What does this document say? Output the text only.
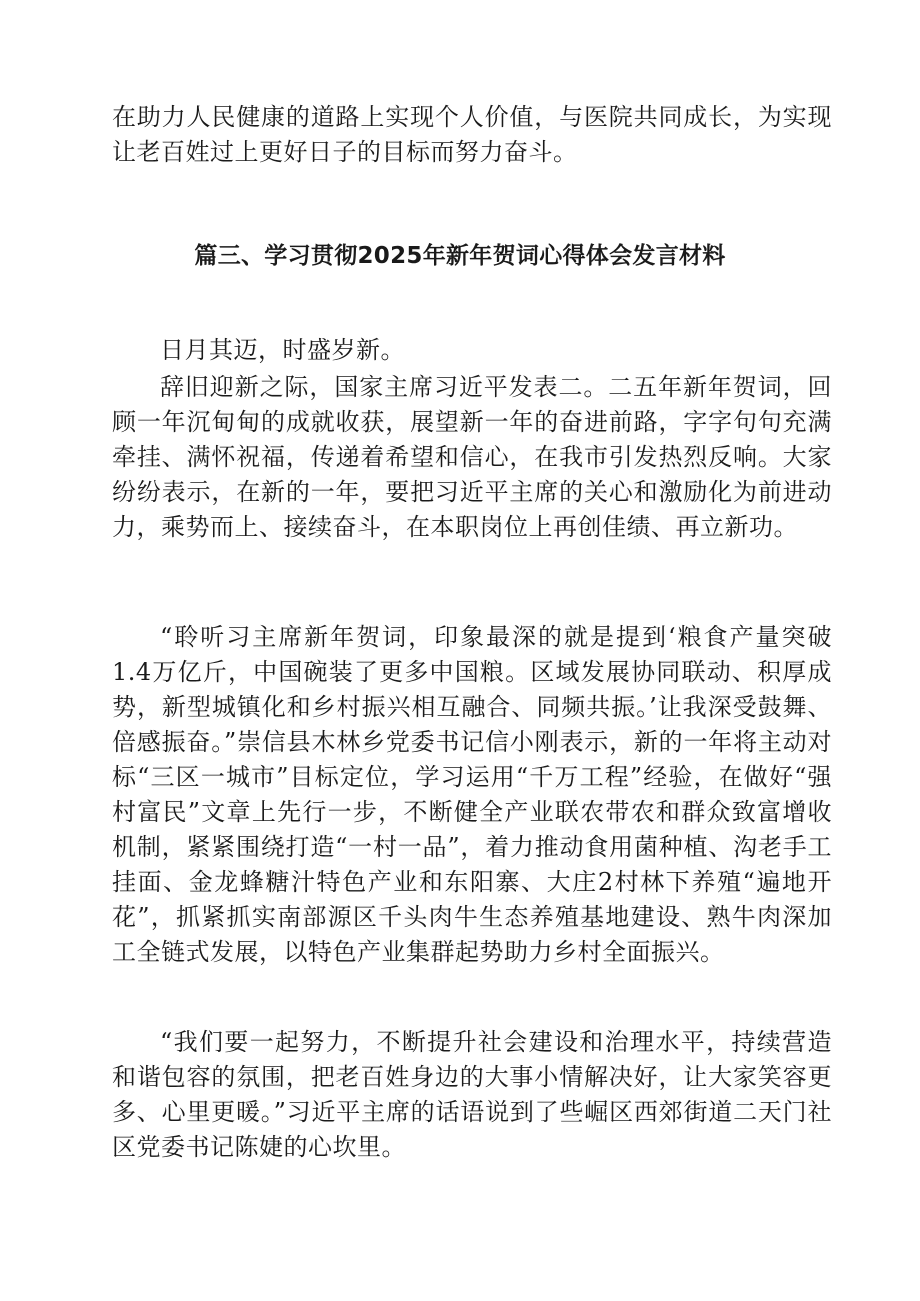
在助力人民健康的道路上实现个人价值，与医院共同成长，为实现让老百姓过上更好日子的目标而努力奋斗。

篇三、学习贯彻2025年新年贺词心得体会发言材料

日月其迈，时盛岁新。

辞旧迎新之际，国家主席习近平发表二。二五年新年贺词，回顾一年沉甸甸的成就收获，展望新一年的奋进前路，字字句句充满牵挂、满怀祝福，传递着希望和信心，在我市引发热烈反响。大家纷纷表示，在新的一年，要把习近平主席的关心和激励化为前进动力，乘势而上、接续奋斗，在本职岗位上再创佳绩、再立新功。

“聆听习主席新年贺词，印象最深的就是提到‘粮食产量突破1.4万亿斤，中国碗装了更多中国粮。区域发展协同联动、积厚成势，新型城镇化和乡村振兴相互融合、同频共振。’让我深受鼓舞、倍感振奋。”崇信县木林乡党委书记信小刚表示，新的一年将主动对标“三区一城市”目标定位，学习运用“千万工程”经验，在做好“强村富民”文章上先行一步，不断健全产业联农带农和群众致富增收机制，紧紧围绕打造“一村一品”，着力推动食用菌种植、沟老手工挂面、金龙蜂糖汁特色产业和东阳寨、大庄2村林下养殖“遍地开花”，抓紧抓实南部源区千头肉牛生态养殖基地建设、熟牛肉深加工全链式发展，以特色产业集群起势助力乡村全面振兴。

“我们要一起努力，不断提升社会建设和治理水平，持续营造和谐包容的氛围，把老百姓身边的大事小情解决好，让大家笑容更多、心里更暖。”习近平主席的话语说到了些崛区西郊街道二天门社区党委书记陈婕的心坎里。
